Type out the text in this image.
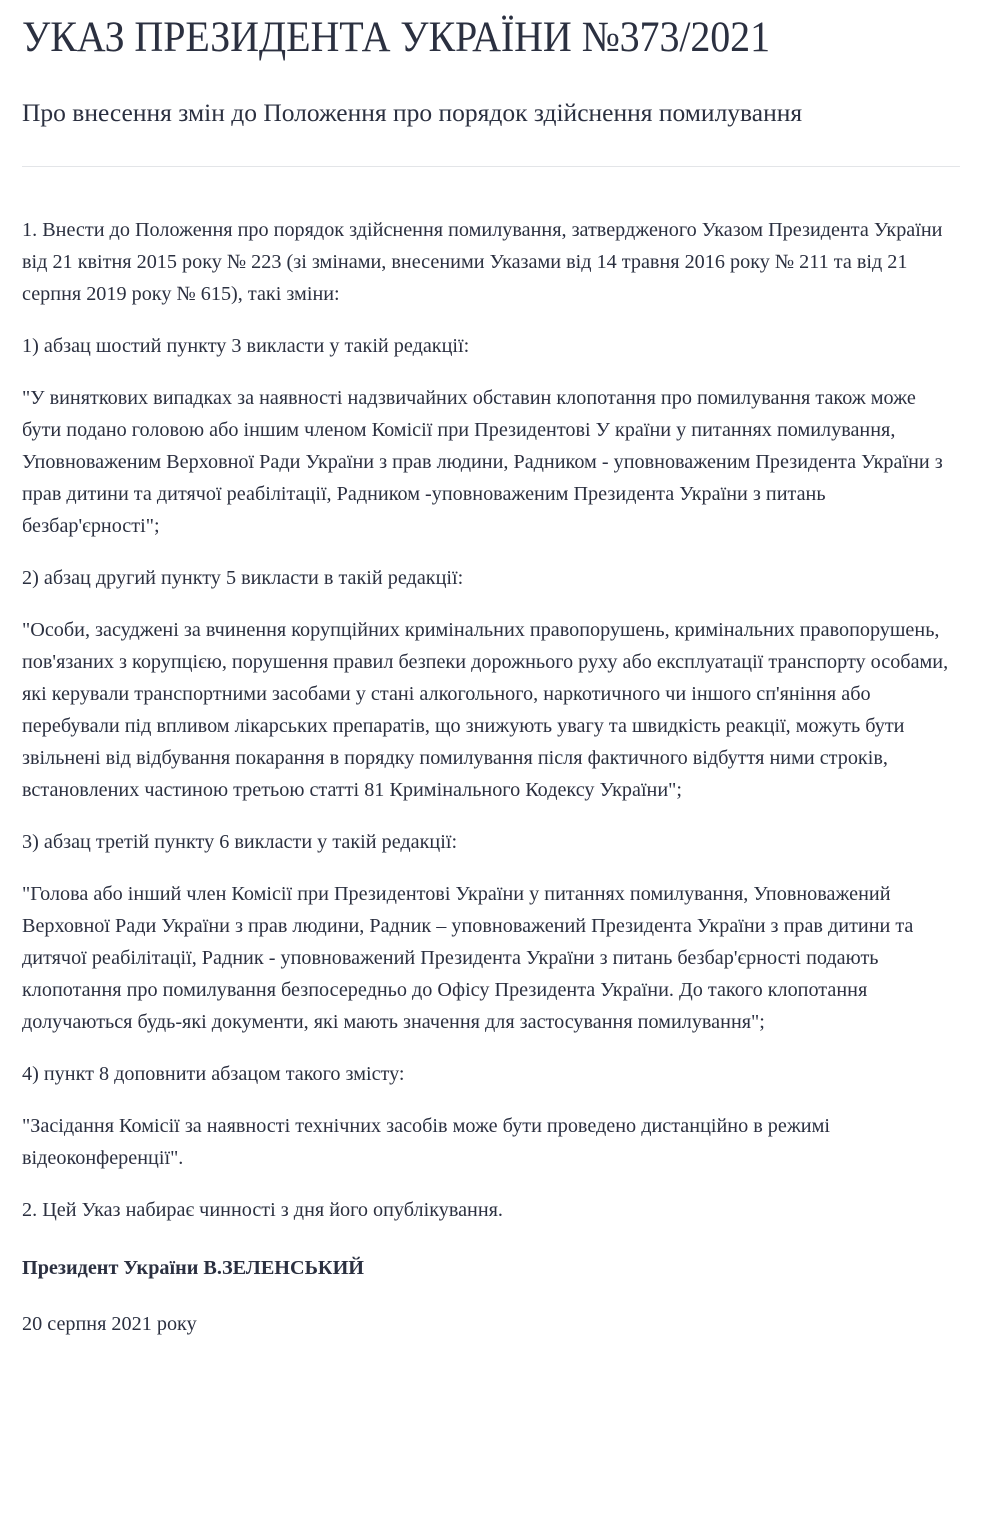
УКАЗ ПРЕЗИДЕНТА УКРАЇНИ №373/2021
Про внесення змін до Положення про порядок здійснення помилування

1. Внести до Положення про порядок здійснення помилування, затвердженого Указом Президента України від 21 квітня 2015 року № 223 (зі змінами, внесеними Указами від 14 травня 2016 року № 211 та від 21 серпня 2019 року № 615), такі зміни:

1) абзац шостий пункту 3 викласти у такій редакції:

"У виняткових випадках за наявності надзвичайних обставин клопотання про помилування також може бути подано головою або іншим членом Комісії при Президентові У країни у питаннях помилування, Уповноваженим Верховної Ради України з прав людини, Радником - уповноваженим Президента України з прав дитини та дитячої реабілітації, Радником -уповноваженим Президента України з питань безбар'єрності";

2) абзац другий пункту 5 викласти в такій редакції:

"Особи, засуджені за вчинення корупційних кримінальних правопорушень, кримінальних правопорушень, пов'язаних з корупцією, порушення правил безпеки дорожнього руху або експлуатації транспорту особами, які керували транспортними засобами у стані алкогольного, наркотичного чи іншого сп'яніння або перебували під впливом лікарських препаратів, що знижують увагу та швидкість реакції, можуть бути звільнені від відбування покарання в порядку помилування після фактичного відбуття ними строків, встановлених частиною третьою статті 81 Кримінального Кодексу України";

3) абзац третій пункту 6 викласти у такій редакції:

"Голова або інший член Комісії при Президентові України у питаннях помилування, Уповноважений Верховної Ради України з прав людини, Радник – уповноважений Президента України з прав дитини та дитячої реабілітації, Радник - уповноважений Президента України з питань безбар'єрності подають клопотання про помилування безпосередньо до Офісу Президента України. До такого клопотання долучаються будь-які документи, які мають значення для застосування помилування";

4) пункт 8 доповнити абзацом такого змісту:

"Засідання Комісії за наявності технічних засобів може бути проведено дистанційно в режимі відеоконференції".

2. Цей Указ набирає чинності з дня його опублікування.

Президент України В.ЗЕЛЕНСЬКИЙ

20 серпня 2021 року
